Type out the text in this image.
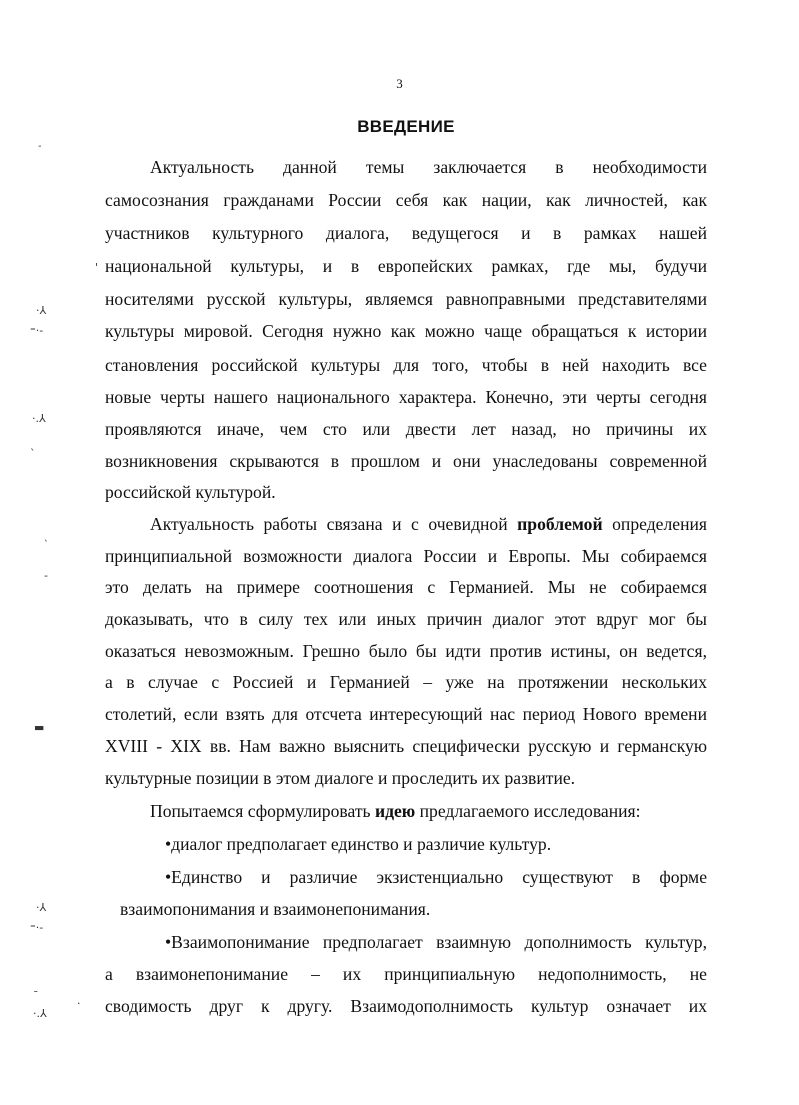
3
ВВЕДЕНИЕ
Актуальность данной темы заключается в необходимости
самосознания гражданами России себя как нации, как личностей, как
участников культурного диалога, ведущегося и в рамках нашей
национальной культуры, и в европейских рамках, где мы, будучи
носителями русской культуры, являемся равноправными представителями
культуры мировой. Сегодня нужно как можно чаще обращаться к истории
становления российской культуры для того, чтобы в ней находить все
новые черты нашего национального характера. Конечно, эти черты сегодня
проявляются иначе, чем сто или двести лет назад, но причины их
возникновения скрываются в прошлом и они унаследованы современной
российской культурой.
Актуальность работы связана и с очевидной проблемой определения
принципиальной возможности диалога России и Европы. Мы собираемся
это делать на примере соотношения с Германией. Мы не собираемся
доказывать, что в силу тех или иных причин диалог этот вдруг мог бы
оказаться невозможным. Грешно было бы идти против истины, он ведется,
а в случае с Россией и Германией – уже на протяжении нескольких
столетий, если взять для отсчета интересующий нас период Нового времени
XVIII - XIX вв. Нам важно выяснить специфически русскую и германскую
культурные позиции в этом диалоге и проследить их развитие.
Попытаемся сформулировать идею предлагаемого исследования:
•диалог предполагает единство и различие культур.
•Единство и различие экзистенциально существуют в форме
взаимопонимания и взаимонепонимания.
•Взаимопонимание предполагает взаимную дополнимость культур,
а взаимонепонимание – их принципиальную недополнимость, не
сводимость друг к другу. Взаимодополнимость культур означает их
˗
'
·⅄
⁼·-
·.⅄
ˋ
˴
-
▬
·⅄
⁼·-
ˉ
·.⅄
·
